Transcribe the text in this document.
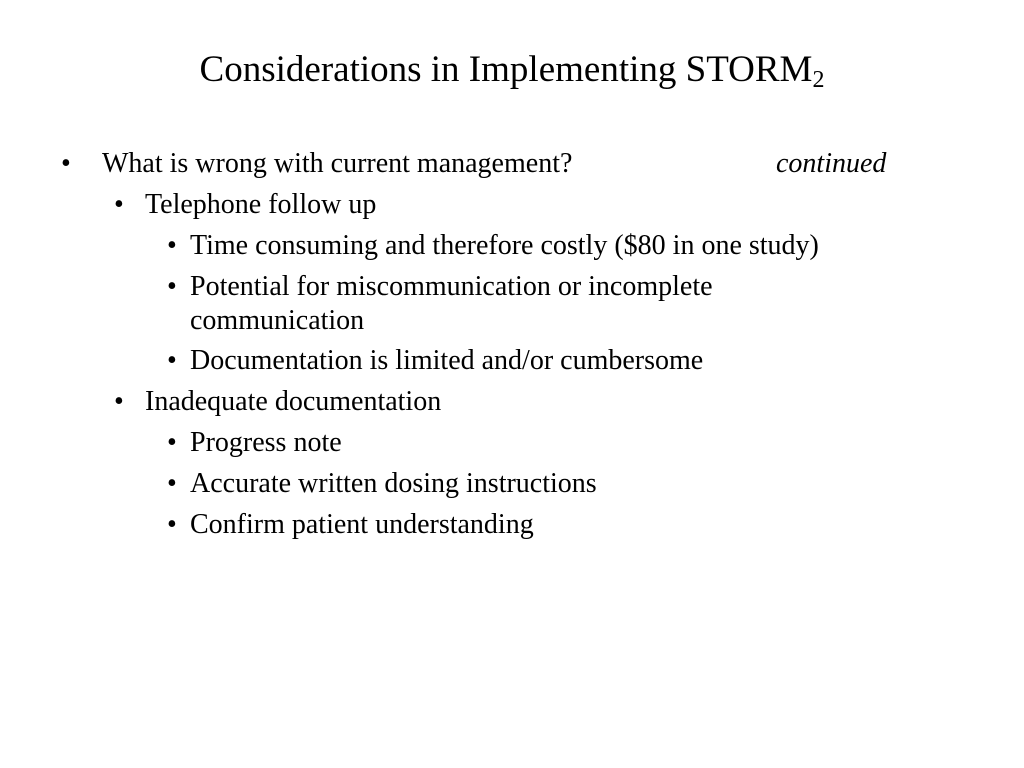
Considerations in Implementing $STORM_2$
• What is wrong with current management?	continued
• Telephone follow up
• Time consuming and therefore costly ($80 in one study)
• Potential for miscommunication or incomplete
communication
• Documentation is limited and/or cumbersome
• Inadequate documentation
• Progress note
• Accurate written dosing instructions
• Confirm patient understanding
